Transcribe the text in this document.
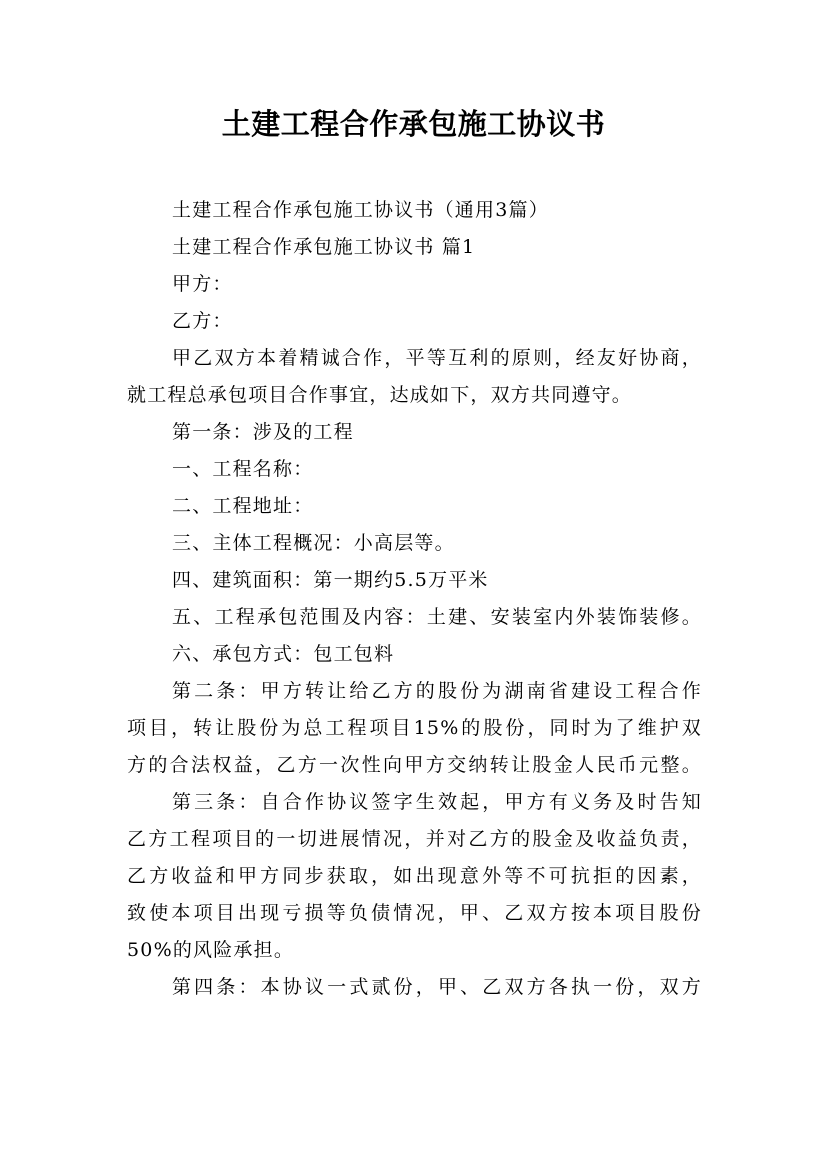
土建工程合作承包施工协议书
土建工程合作承包施工协议书（通用3篇）
土建工程合作承包施工协议书 篇1
甲方：
乙方：
甲乙双方本着精诚合作，平等互利的原则，经友好协商，
就工程总承包项目合作事宜，达成如下，双方共同遵守。
第一条：涉及的工程
一、工程名称：
二、工程地址：
三、主体工程概况：小高层等。
四、建筑面积：第一期约5.5万平米
五、工程承包范围及内容：土建、安装室内外装饰装修。
六、承包方式：包工包料
第二条：甲方转让给乙方的股份为湖南省建设工程合作
项目，转让股份为总工程项目15%的股份，同时为了维护双
方的合法权益，乙方一次性向甲方交纳转让股金人民币元整。
第三条：自合作协议签字生效起，甲方有义务及时告知
乙方工程项目的一切进展情况，并对乙方的股金及收益负责，
乙方收益和甲方同步获取，如出现意外等不可抗拒的因素，
致使本项目出现亏损等负债情况，甲、乙双方按本项目股份
50%的风险承担。
第四条：本协议一式贰份，甲、乙双方各执一份，双方
